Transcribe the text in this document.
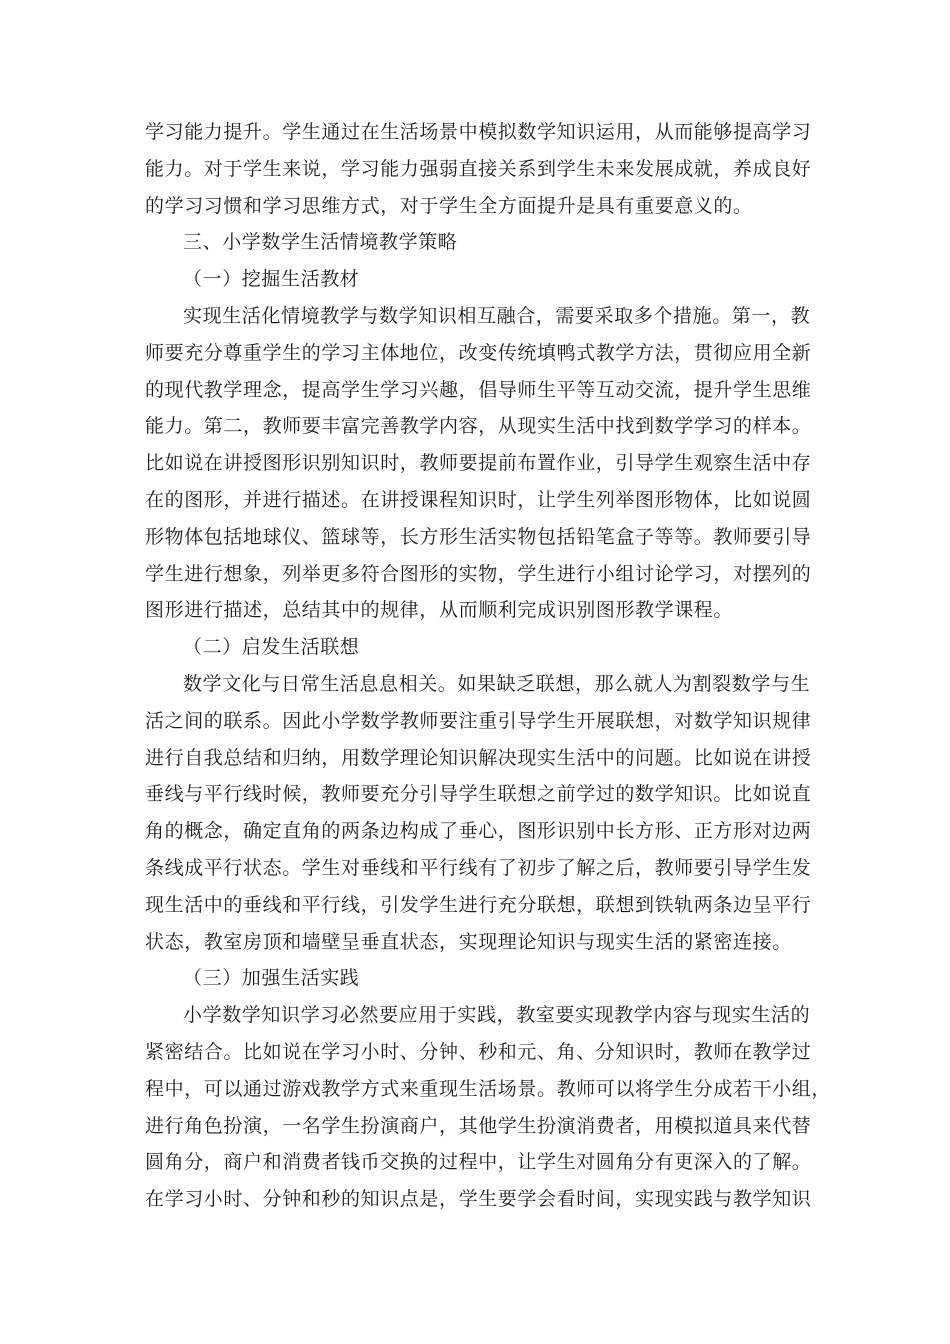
学习能力提升。学生通过在生活场景中模拟数学知识运用，从而能够提高学习
能力。对于学生来说，学习能力强弱直接关系到学生未来发展成就，养成良好
的学习习惯和学习思维方式，对于学生全方面提升是具有重要意义的。
三、小学数学生活情境教学策略
（一）挖掘生活教材
实现生活化情境教学与数学知识相互融合，需要采取多个措施。第一，教
师要充分尊重学生的学习主体地位，改变传统填鸭式教学方法，贯彻应用全新
的现代教学理念，提高学生学习兴趣，倡导师生平等互动交流，提升学生思维
能力。第二，教师要丰富完善教学内容，从现实生活中找到数学学习的样本。
比如说在讲授图形识别知识时，教师要提前布置作业，引导学生观察生活中存
在的图形，并进行描述。在讲授课程知识时，让学生列举图形物体，比如说圆
形物体包括地球仪、篮球等，长方形生活实物包括铅笔盒子等等。教师要引导
学生进行想象，列举更多符合图形的实物，学生进行小组讨论学习，对摆列的
图形进行描述，总结其中的规律，从而顺利完成识别图形教学课程。
（二）启发生活联想
数学文化与日常生活息息相关。如果缺乏联想，那么就人为割裂数学与生
活之间的联系。因此小学数学教师要注重引导学生开展联想，对数学知识规律
进行自我总结和归纳，用数学理论知识解决现实生活中的问题。比如说在讲授
垂线与平行线时候，教师要充分引导学生联想之前学过的数学知识。比如说直
角的概念，确定直角的两条边构成了垂心，图形识别中长方形、正方形对边两
条线成平行状态。学生对垂线和平行线有了初步了解之后，教师要引导学生发
现生活中的垂线和平行线，引发学生进行充分联想，联想到铁轨两条边呈平行
状态，教室房顶和墙壁呈垂直状态，实现理论知识与现实生活的紧密连接。
（三）加强生活实践
小学数学知识学习必然要应用于实践，教室要实现教学内容与现实生活的
紧密结合。比如说在学习小时、分钟、秒和元、角、分知识时，教师在教学过
程中，可以通过游戏教学方式来重现生活场景。教师可以将学生分成若干小组，
进行角色扮演，一名学生扮演商户，其他学生扮演消费者，用模拟道具来代替
圆角分，商户和消费者钱币交换的过程中，让学生对圆角分有更深入的了解。
在学习小时、分钟和秒的知识点是，学生要学会看时间，实现实践与教学知识
